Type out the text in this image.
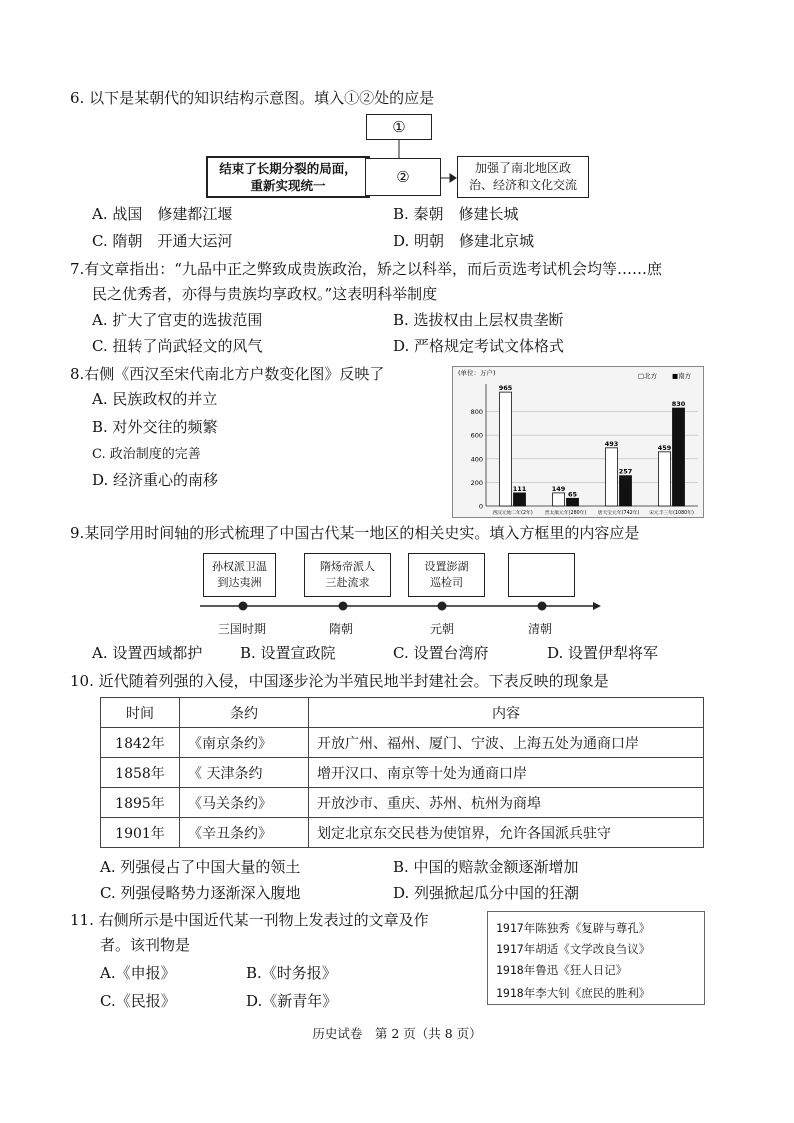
6. 以下是某朝代的知识结构示意图。填入①②处的应是
①
结束了长期分裂的局面，重新实现统一	②	加强了南北地区政治、经济和文化交流
A. 战国　修建都江堰	B. 秦朝　修建长城
C. 隋朝　开通大运河	D. 明朝　修建北京城
7.有文章指出：“九品中正之弊致成贵族政治，矫之以科举，而后贡选考试机会均等……庶
民之优秀者，亦得与贵族均享政权。”这表明科举制度
A. 扩大了官吏的选拔范围	B. 选拔权由上层权贵垄断
C. 扭转了尚武轻文的风气	D. 严格规定考试文体格式
8.右侧《西汉至宋代南北方户数变化图》反映了
A. 民族政权的并立
B. 对外交往的频繁
C. 政治制度的完善
D. 经济重心的南移
(单位：万户)	□北方 ■南方
0
200
400
600
800
965
111
西汉元始二年(2年)
149
65
晋太康元年(280年)
493
257
唐天宝元年(742年)
459
830
宋元丰三年(1080年)
9.某同学用时间轴的形式梳理了中国古代某一地区的相关史实。填入方框里的内容应是
孙权派卫温
到达夷洲
隋炀帝派人
三赴流求
设置澎湖
巡检司
三国时期	隋朝	元朝	清朝
A. 设置西域都护	B. 设置宣政院	C. 设置台湾府	D. 设置伊犁将军
10. 近代随着列强的入侵，中国逐步沦为半殖民地半封建社会。下表反映的现象是
时间	条约	内容
1842年	《南京条约》	开放广州、福州、厦门、宁波、上海五处为通商口岸
1858年	《 天津条约	增开汉口、南京等十处为通商口岸
1895年	《马关条约》	开放沙市、重庆、苏州、杭州为商埠
1901年	《辛丑条约》	划定北京东交民巷为使馆界，允许各国派兵驻守
A. 列强侵占了中国大量的领土	B. 中国的赔款金额逐渐增加
C. 列强侵略势力逐渐深入腹地	D. 列强掀起瓜分中国的狂潮
11. 右侧所示是中国近代某一刊物上发表过的文章及作
者。该刊物是
A.《申报》	B.《时务报》
C.《民报》	D.《新青年》
1917年陈独秀《复辟与尊孔》
1917年胡适《文学改良刍议》
1918年鲁迅《狂人日记》
1918年李大钊《庶民的胜利》
历史试卷　第 2 页（共 8 页）
